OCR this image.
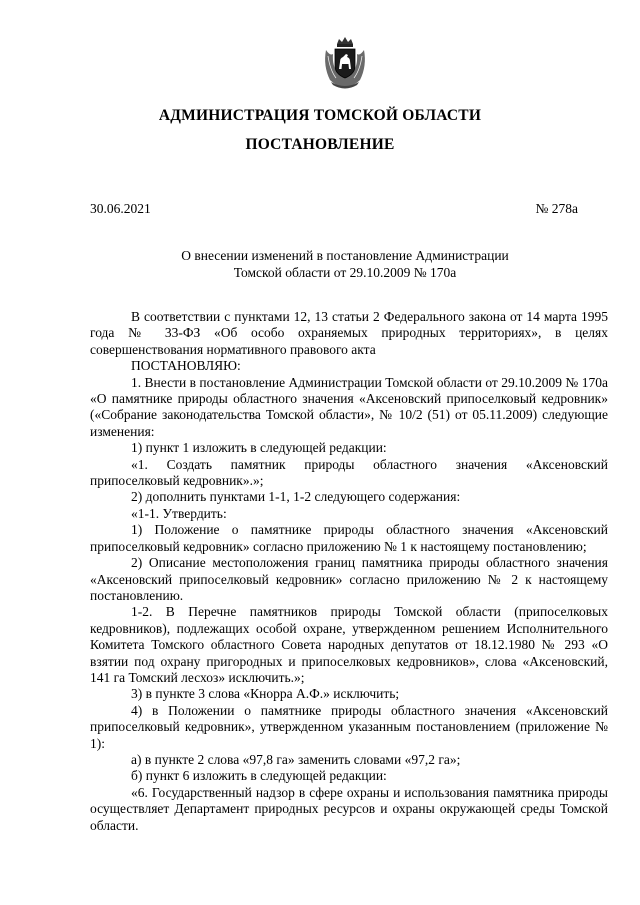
АДМИНИСТРАЦИЯ ТОМСКОЙ ОБЛАСТИ
ПОСТАНОВЛЕНИЕ
30.06.2021	№ 278а
О внесении изменений в постановление Администрации
Томской области от 29.10.2009 № 170а

В соответствии с пунктами 12, 13 статьи 2 Федерального закона от 14 марта 1995 года № 33-ФЗ «Об особо охраняемых природных территориях», в целях совершенствования нормативного правового акта

ПОСТАНОВЛЯЮ:

1. Внести в постановление Администрации Томской области от 29.10.2009 № 170а «О памятнике природы областного значения «Аксеновский припоселковый кедровник» («Собрание законодательства Томской области», № 10/2 (51) от 05.11.2009) следующие изменения:

1) пункт 1 изложить в следующей редакции:

«1. Создать памятник природы областного значения «Аксеновский припоселковый кедровник».»;

2) дополнить пунктами 1-1, 1-2 следующего содержания:

«1-1. Утвердить:

1) Положение о памятнике природы областного значения «Аксеновский припоселковый кедровник» согласно приложению № 1 к настоящему постановлению;

2) Описание местоположения границ памятника природы областного значения «Аксеновский припоселковый кедровник» согласно приложению № 2 к настоящему постановлению.

1-2. В Перечне памятников природы Томской области (припоселковых кедровников), подлежащих особой охране, утвержденном решением Исполнительного Комитета Томского областного Совета народных депутатов от 18.12.1980 № 293 «О взятии под охрану пригородных и припоселковых кедровников», слова «Аксеновский, 141 га Томский лесхоз» исключить.»;

3) в пункте 3 слова «Кнорра А.Ф.» исключить;

4) в Положении о памятнике природы областного значения «Аксеновский припоселковый кедровник», утвержденном указанным постановлением (приложение № 1):

а) в пункте 2 слова «97,8 га» заменить словами «97,2 га»;

б) пункт 6 изложить в следующей редакции:

«6. Государственный надзор в сфере охраны и использования памятника природы осуществляет Департамент природных ресурсов и охраны окружающей среды Томской области.
